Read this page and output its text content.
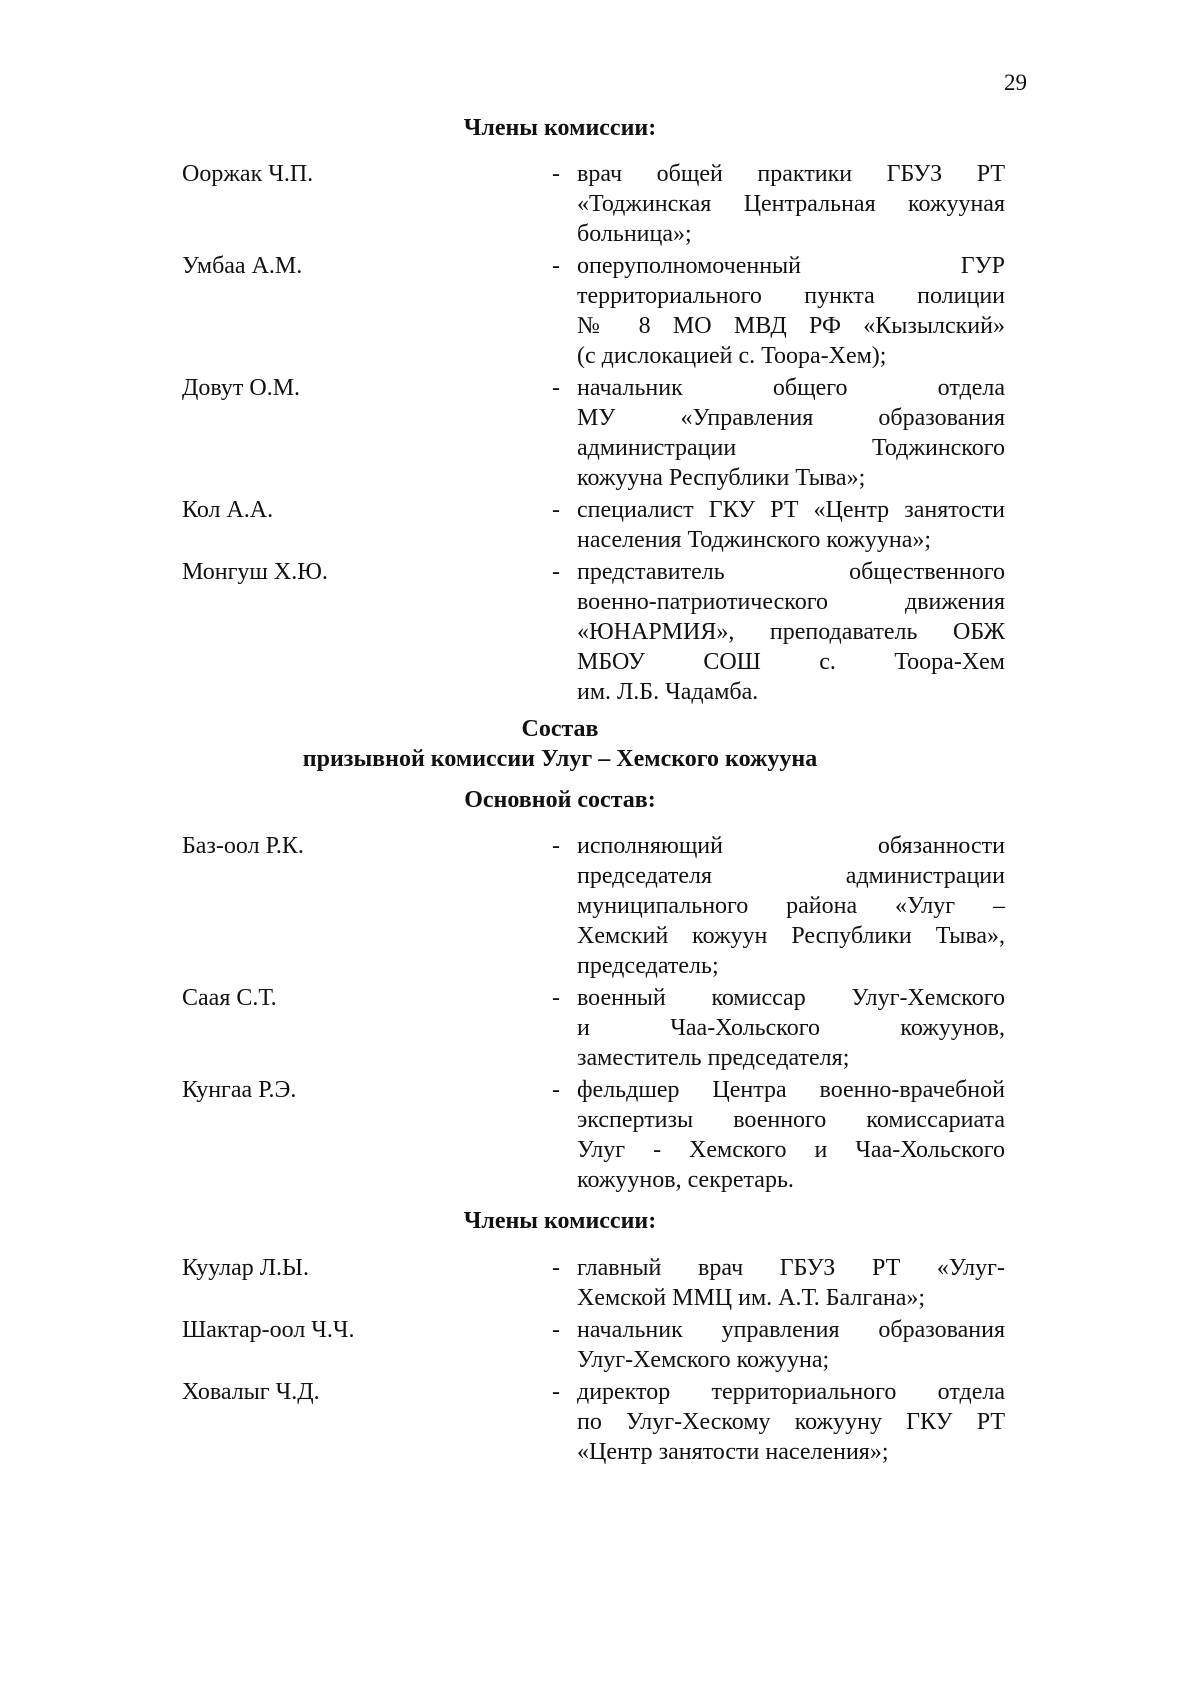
29
Члены комиссии:
Ооржак Ч.П.	- врач общей практики ГБУЗ РТ
«Тоджинская Центральная кожууная
больница»;
Умбаа А.М.	- оперуполномоченный ГУР
территориального пункта полиции
№ 8 МО МВД РФ «Кызылский»
(с дислокацией с. Тоора-Хем);
Довут О.М.	- начальник общего отдела
МУ «Управления образования
администрации Тоджинского
кожууна Республики Тыва»;
Кол А.А.	- специалист ГКУ РТ «Центр занятости
населения Тоджинского кожууна»;
Монгуш Х.Ю.	- представитель общественного
военно-патриотического движения
«ЮНАРМИЯ», преподаватель ОБЖ
МБОУ СОШ с. Тоора-Хем
им. Л.Б. Чадамба.
Состав
призывной комиссии Улуг – Хемского кожууна
Основной состав:
Баз-оол Р.К.	- исполняющий обязанности
председателя администрации
муниципального района «Улуг –
Хемский кожуун Республики Тыва»,
председатель;
Саая С.Т.	- военный комиссар Улуг-Хемского
и Чаа-Хольского кожуунов,
заместитель председателя;
Кунгаа Р.Э.	- фельдшер Центра военно-врачебной
экспертизы военного комиссариата
Улуг - Хемского и Чаа-Хольского
кожуунов, секретарь.
Члены комиссии:
Куулар Л.Ы.	- главный врач ГБУЗ РТ «Улуг-
Хемской ММЦ им. А.Т. Балгана»;
Шактар-оол Ч.Ч.	- начальник управления образования
Улуг-Хемского кожууна;
Ховалыг Ч.Д.	- директор территориального отдела
по Улуг-Хескому кожууну ГКУ РТ
«Центр занятости населения»;
